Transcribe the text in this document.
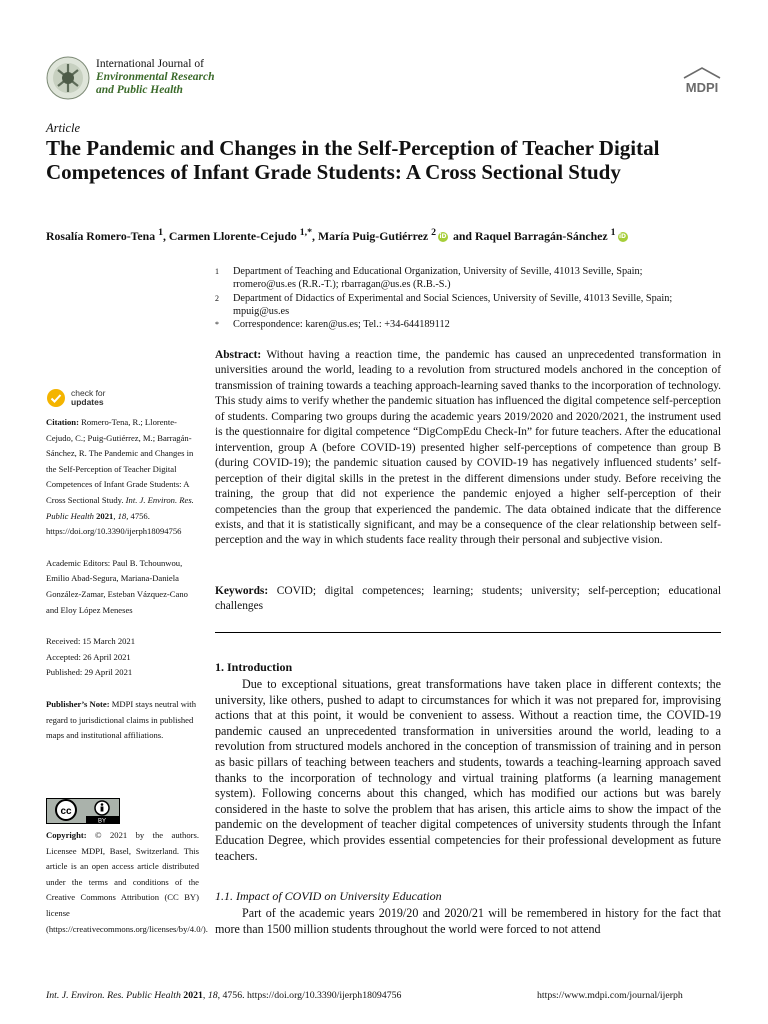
International Journal of
Environmental Research
and Public Health	MDPI
Article
The Pandemic and Changes in the Self-Perception of Teacher Digital Competences of Infant Grade Students: A Cross Sectional Study
Rosalía Romero-Tena $^1$, Carmen Llorente-Cejudo $^{1,*}$, María Puig-Gutiérrez $^2$ iD and Raquel Barragán-Sánchez $^1$ iD
1	Department of Teaching and Educational Organization, University of Seville, 41013 Seville, Spain;
rromero@us.es (R.R.-T.); rbarragan@us.es (R.B.-S.)
2	Department of Didactics of Experimental and Social Sciences, University of Seville, 41013 Seville, Spain;
mpuig@us.es
*	Correspondence: karen@us.es; Tel.: +34-644189112
Abstract: Without having a reaction time, the pandemic has caused an unprecedented transformation in universities around the world, leading to a revolution from structured models anchored in the conception of transmission of training towards a teaching approach-learning saved thanks to the incorporation of technology. This study aims to verify whether the pandemic situation has influenced the digital competence self-perception of students. Comparing two groups during the academic years 2019/2020 and 2020/2021, the instrument used is the questionnaire for digital competence “DigCompEdu Check-In” for future teachers. After the educational intervention, group A (before COVID-19) presented higher self-perceptions of competence than group B (during COVID-19); the pandemic situation caused by COVID-19 has negatively influenced students’ self-perception of their digital skills in the pretest in the different dimensions under study. Before receiving the training, the group that did not experience the pandemic enjoyed a higher self-perception of their competencies than the group that experienced the pandemic. The data obtained indicate that the difference exists, and that it is statistically significant, and may be a consequence of the clear relationship between self-perception and the way in which students face reality through their personal and subjective vision.
Keywords: COVID; digital competences; learning; students; university; self-perception; educational challenges
check for
updates

Citation: Romero-Tena, R.; Llorente-Cejudo, C.; Puig-Gutiérrez, M.; Barragán-Sánchez, R. The Pandemic and Changes in the Self-Perception of Teacher Digital Competences of Infant Grade Students: A Cross Sectional Study. Int. J. Environ. Res. Public Health 2021, 18, 4756. https://doi.org/10.3390/ijerph18094756

Academic Editors: Paul B. Tchounwou, Emilio Abad-Segura, Mariana-Daniela González-Zamar, Esteban Vázquez-Cano and Eloy López Meneses

Received: 15 March 2021

Accepted: 26 April 2021

Published: 29 April 2021

Publisher’s Note: MDPI stays neutral with regard to jurisdictional claims in published maps and institutional affiliations.

cc
BY
Copyright: © 2021 by the authors. Licensee MDPI, Basel, Switzerland. This article is an open access article distributed under the terms and conditions of the Creative Commons Attribution (CC BY) license (https://creativecommons.org/licenses/by/4.0/).
1. Introduction

Due to exceptional situations, great transformations have taken place in different contexts; the university, like others, pushed to adapt to circumstances for which it was not prepared for, improvising actions that at this point, it would be convenient to assess. Without a reaction time, the COVID-19 pandemic caused an unprecedented transformation in universities around the world, leading to a revolution from structured models anchored in the conception of transmission of training and in person as basic pillars of teaching between teachers and students, towards a teaching-learning approach saved thanks to the incorporation of technology and virtual training platforms (a learning management system). Following concerns about this changed, which has modified our actions but was barely considered in the haste to solve the problem that has arisen, this article aims to show the impact of the pandemic on the development of teacher digital competences of university students through the Infant Education Degree, which provides essential competencies for their professional development as future teachers.

1.1. Impact of COVID on University Education

Part of the academic years 2019/20 and 2020/21 will be remembered in history for the fact that more than 1500 million students throughout the world were forced to not attend

Int. J. Environ. Res. Public Health 2021, 18, 4756. https://doi.org/10.3390/ijerph18094756	https://www.mdpi.com/journal/ijerph
